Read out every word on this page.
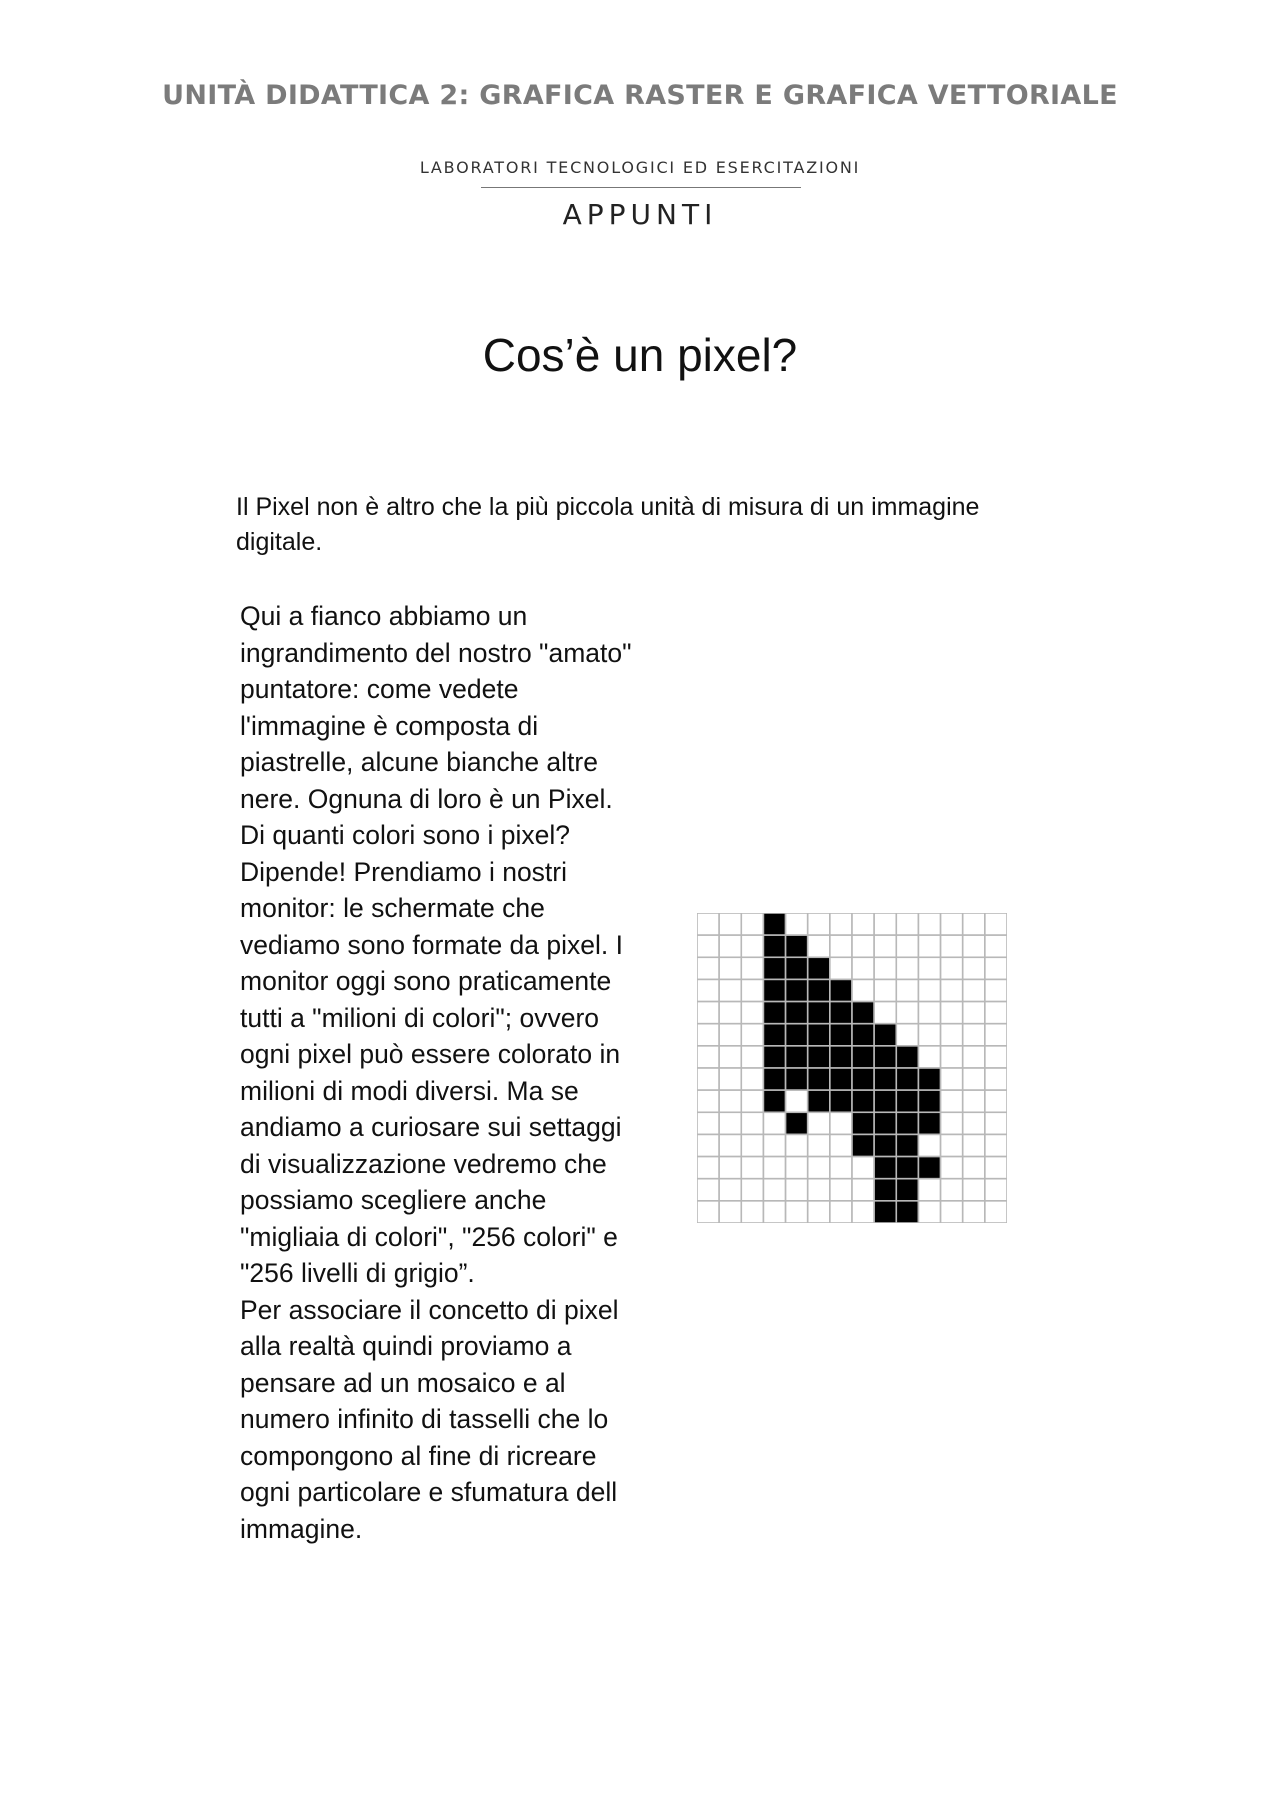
UNITÀ DIDATTICA 2: GRAFICA RASTER E GRAFICA VETTORIALE
LABORATORI TECNOLOGICI ED ESERCITAZIONI
APPUNTI
Cos’è un pixel?

Il Pixel non è altro che la più piccola unità di misura di un immagine digitale.

Qui a fianco abbiamo un
ingrandimento del nostro "amato"
puntatore: come vedete
l'immagine è composta di
piastrelle, alcune bianche altre
nere. Ognuna di loro è un Pixel.
Di quanti colori sono i pixel?
Dipende! Prendiamo i nostri
monitor: le schermate che
vediamo sono formate da pixel. I
monitor oggi sono praticamente
tutti a "milioni di colori"; ovvero
ogni pixel può essere colorato in
milioni di modi diversi. Ma se
andiamo a curiosare sui settaggi
di visualizzazione vedremo che
possiamo scegliere anche
"migliaia di colori", "256 colori" e
"256 livelli di grigio”.
Per associare il concetto di pixel
alla realtà quindi proviamo a
pensare ad un mosaico e al
numero infinito di tasselli che lo
compongono al fine di ricreare
ogni particolare e sfumatura dell
immagine.
